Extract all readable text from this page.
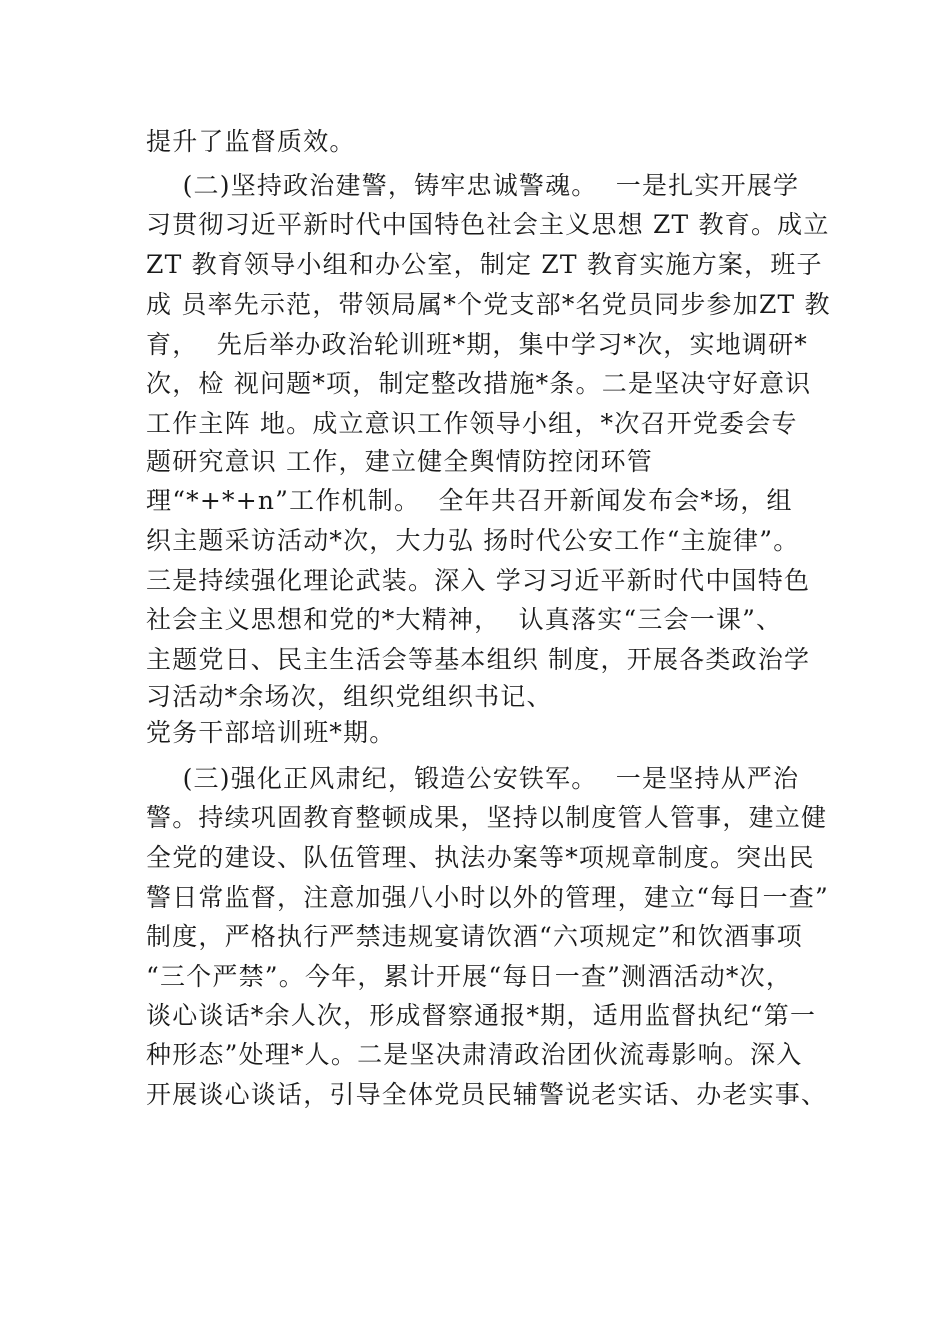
提升了监督质效。
(二)坚持政治建警，铸牢忠诚警魂。  一是扎实开展学
习贯彻习近平新时代中国特色社会主义思想 ZT 教育。成立
ZT 教育领导小组和办公室，制定 ZT 教育实施方案，班子
成 员率先示范，带领局属*个党支部*名党员同步参加ZT 教
育，  先后举办政治轮训班*期，集中学习*次，实地调研*
次，检 视问题*项，制定整改措施*条。二是坚决守好意识
工作主阵 地。成立意识工作领导小组，*次召开党委会专
题研究意识 工作，建立健全舆情防控闭环管
理“*+*+n”工作机制。  全年共召开新闻发布会*场，组
织主题采访活动*次，大力弘 扬时代公安工作“主旋律”。
三是持续强化理论武装。深入 学习习近平新时代中国特色
社会主义思想和党的*大精神，  认真落实“三会一课”、
主题党日、民主生活会等基本组织 制度，开展各类政治学
习活动*余场次，组织党组织书记、
党务干部培训班*期。
(三)强化正风肃纪，锻造公安铁军。  一是坚持从严治
警。持续巩固教育整顿成果，坚持以制度管人管事，建立健
全党的建设、队伍管理、执法办案等*项规章制度。突出民
警日常监督，注意加强八小时以外的管理，建立“每日一查”
制度，严格执行严禁违规宴请饮酒“六项规定”和饮酒事项
“三个严禁”。今年，累计开展“每日一查”测酒活动*次，
谈心谈话*余人次，形成督察通报*期，适用监督执纪“第一
种形态”处理*人。二是坚决肃清政治团伙流毒影响。深入
开展谈心谈话，引导全体党员民辅警说老实话、办老实事、
